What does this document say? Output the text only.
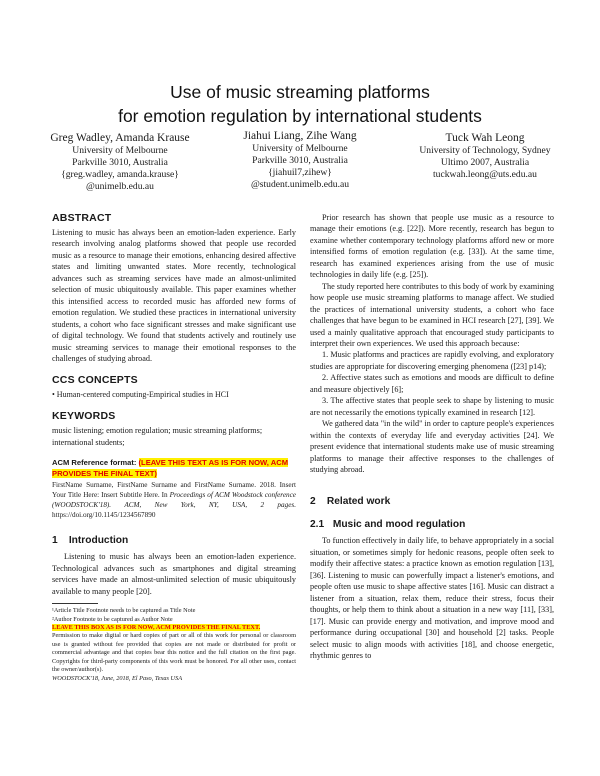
Use of music streaming platforms
for emotion regulation by international students
Greg Wadley, Amanda Krause
University of Melbourne
Parkville 3010, Australia
{greg.wadley, amanda.krause}
@unimelb.edu.au
Jiahui Liang, Zihe Wang
University of Melbourne
Parkville 3010, Australia
{jiahuil7,zihew}
@student.unimelb.edu.au
Tuck Wah Leong
University of Technology, Sydney
Ultimo 2007, Australia
tuckwah.leong@uts.edu.au
ABSTRACT

Listening to music has always been an emotion-laden experience. Early research involving analog platforms showed that people use recorded music as a resource to manage their emotions, enhancing desired affective states and limiting unwanted states. More recently, technological advances such as streaming services have made an almost-unlimited selection of music ubiquitously available. This paper examines whether this intensified access to recorded music has afforded new forms of emotion regulation. We studied these practices in international university students, a cohort who face significant stresses and make significant use of digital technology. We found that students actively and routinely use music streaming services to manage their emotional responses to the challenges of studying abroad.

CCS CONCEPTS

• Human-centered computing-Empirical studies in HCI

KEYWORDS

music listening; emotion regulation; music streaming platforms; international students;

ACM Reference format: (LEAVE THIS TEXT AS IS FOR NOW, ACM PROVIDES THE FINAL TEXT)
FirstName Surname, FirstName Surname and FirstName Surname. 2018. Insert Your Title Here: Insert Subtitle Here. In Proceedings of ACM Woodstock conference (WOODSTOCK'18). ACM, New York, NY, USA, 2 pages. https://doi.org/10.1145/1234567890
1 Introduction

Listening to music has always been an emotion-laden experience. Technological advances such as smartphones and digital streaming services have made an almost-unlimited selection of music ubiquitously available to many people [20].

¹Article Title Footnote needs to be captured as Title Note
²Author Footnote to be captured as Author Note
LEAVE THIS BOX AS IS FOR NOW, ACM PROVIDES THE FINAL TEXT.
Permission to make digital or hard copies of part or all of this work for personal or classroom use is granted without fee provided that copies are not made or distributed for profit or commercial advantage and that copies bear this notice and the full citation on the first page. Copyrights for third-party components of this work must be honored. For all other uses, contact the owner/author(s).
WOODSTOCK'18, June, 2018, El Paso, Texas USA

Prior research has shown that people use music as a resource to manage their emotions (e.g. [22]). More recently, research has begun to examine whether contemporary technology platforms afford new or more intensified forms of emotion regulation (e.g. [33]). At the same time, research has examined experiences arising from the use of music technologies in daily life (e.g. [25]).

The study reported here contributes to this body of work by examining how people use music streaming platforms to manage affect. We studied the practices of international university students, a cohort who face challenges that have begun to be examined in HCI research [27], [39]. We used a mainly qualitative approach that encouraged study participants to interpret their own experiences. We used this approach because:

1. Music platforms and practices are rapidly evolving, and exploratory studies are appropriate for discovering emerging phenomena ([23] p14);

2. Affective states such as emotions and moods are difficult to define and measure objectively [6];

3. The affective states that people seek to shape by listening to music are not necessarily the emotions typically examined in research [12].

We gathered data "in the wild" in order to capture people's experiences within the contexts of everyday life and everyday activities [24]. We present evidence that international students make use of music streaming platforms to manage their affective responses to the challenges of studying abroad.

2 Related work
2.1 Music and mood regulation

To function effectively in daily life, to behave appropriately in a social situation, or sometimes simply for hedonic reasons, people often seek to modify their affective states: a practice known as emotion regulation [13], [36]. Listening to music can powerfully impact a listener's emotions, and people often use music to shape affective states [16]. Music can distract a listener from a situation, relax them, reduce their stress, focus their thoughts, or help them to think about a situation in a new way [11], [33], [17]. Music can provide energy and motivation, and improve mood and performance during occupational [30] and household [2] tasks. People select music to align moods with activities [18], and choose energetic, rhythmic genres to
